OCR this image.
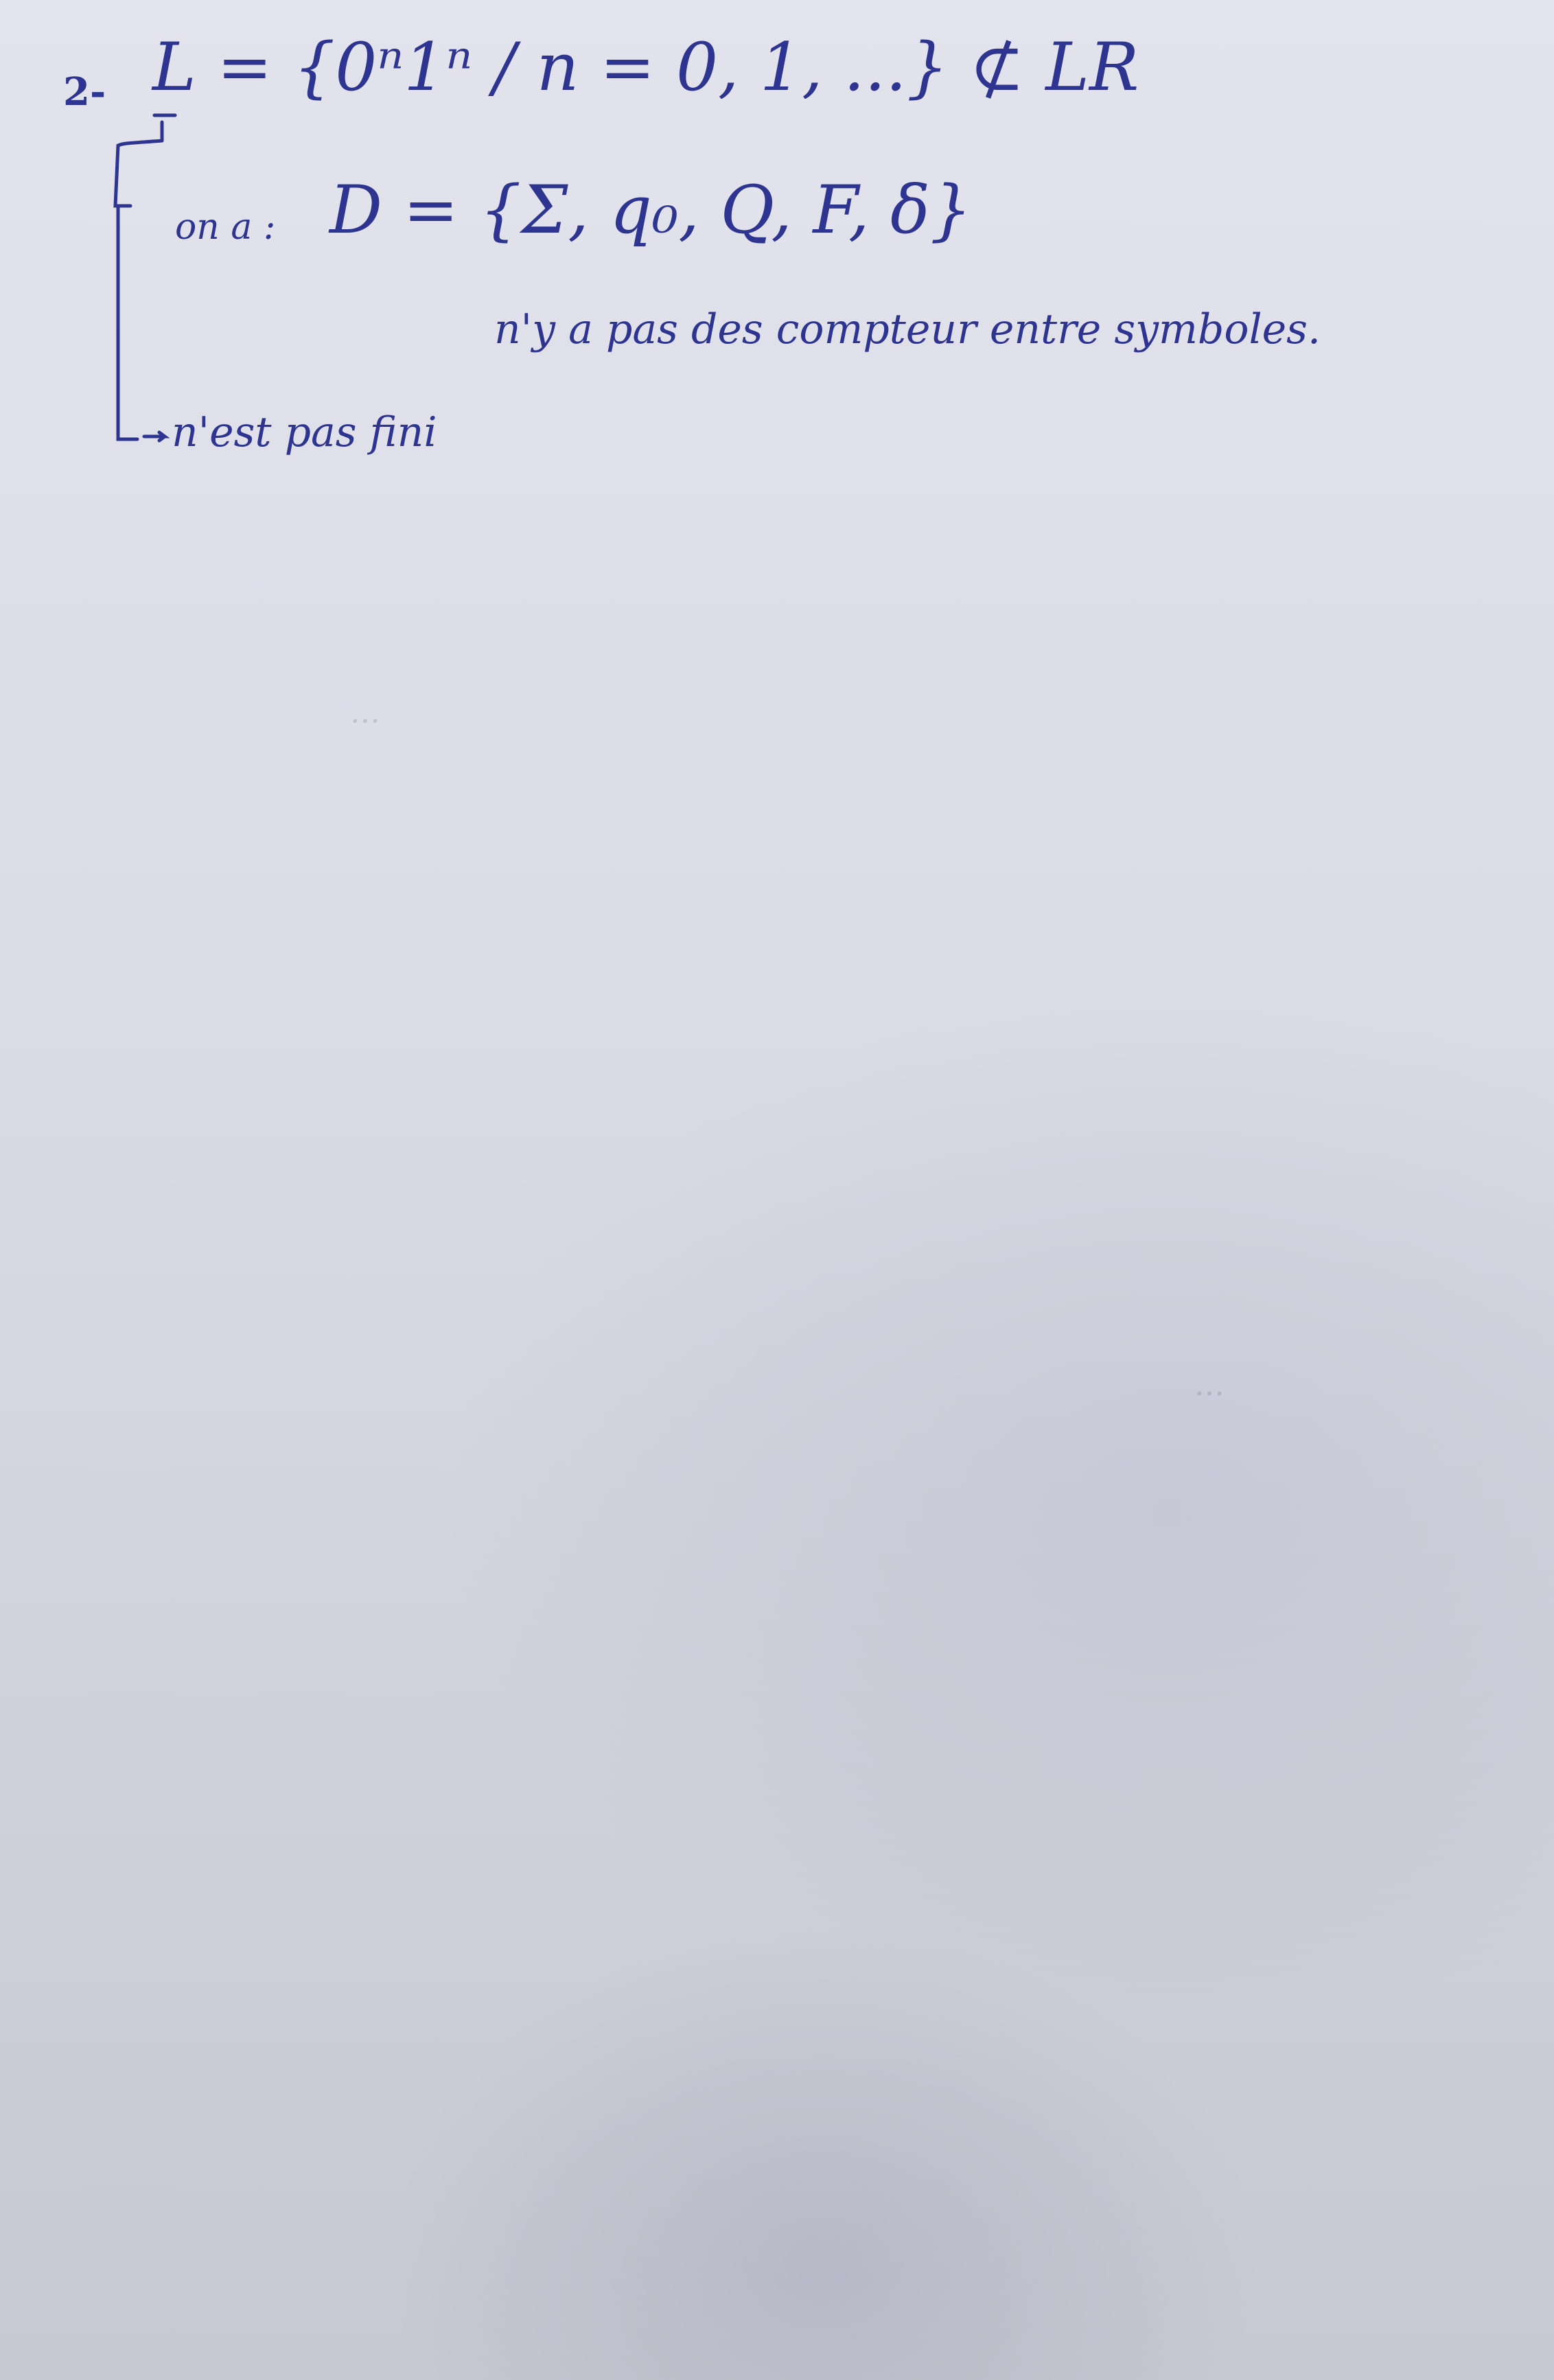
2- L = {0ⁿ1ⁿ / n = 0, 1, ...} ⊄ LR
on a : D = {Σ, q₀, Q, F, δ}
n'y a pas des compteur entre symboles.
n'est pas fini
...
...
